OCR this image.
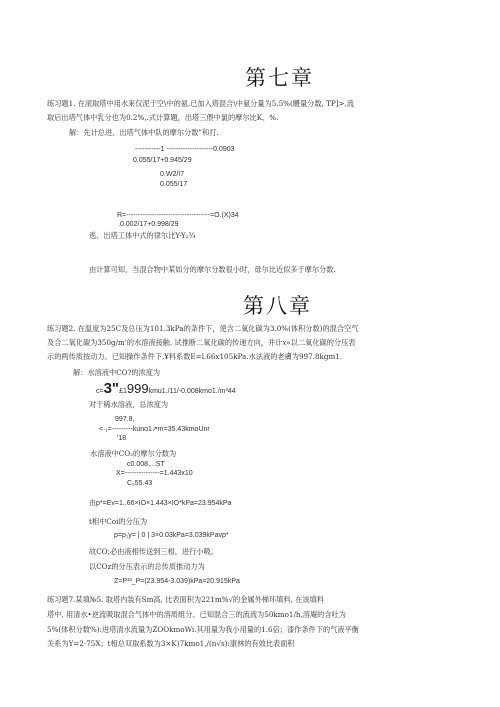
第七章
练习题1. 在滚取塔中用水來仅泥于空\中的氨.已加入塔混合\中氨分量为5.5%(體量分数, TP]>,流
取后出塔气体中乳分也为0.2%,.式计算題，出塔三偎中氯的摩尔比K、%.
解：先计总进、出塔气体中队的摩尔分数”和打.
-----------1 --------------------0.0903
0.055/17+0.945/29
0.W2/I7
0.055/17
R=------------------------------------=O.(X)34
.0.002/17+0.998/29
逃、出塔工体中式的律尔比Y-Y₂¾
由计算可知，当混合物中某如分的摩尔分数很小时，毋尔比近似多于摩尔分数.
第八章
练习题2. 在温度为25C及总压为101.3kPa的条件下，使含二氧化碳为3.0%(体积分数)的混合空气
及合二氧化碳为350g/m'的水溶液接触. 试推断二氧化碳的传递方向，并计𝑥«以二氧化碳的分压表
示的两传质按动力。已知操作条件下,¥料系数E=l.66x105kPa.水法液的老膚为997.8kgm1.
解：水溶液中CO?的浓度为
c=3"£1999kmu1./11/-0.008kmo1./m³44
对于稀水溶液，总浓度为
997.8,
<·₁=---------kuno1↗m=35.43kmoUnr
'18
水溶液中CO₂的摩尔分数为
c0.008,...ST
X=---------------=1.443x10
C₂55.43
由p*=Ev=1..66×IO×1.443×IO*kPa=23.954kPa
t相中Coi的分压为
p=p₁y= | 0 | 3×0.03kPa=3.039kPavp*
故CO;必由液相传送到三相，进行小吸。
以COz的分压表示的总传质推动力为
Z=P³³_P=(23.954-3.039)kPa=20.915kPa
练习题7.某填№5. 取塔内装有Sm高, 比表面积为221m%√的金属外梯环填料, 在该填料
塔中, 用清水•逆流吸取混合气体中的溶质组分。已知混合三的流流为50kmo1/h,溶庵的含吐为
5%(体积分数%):进塔清水流量为ZOOkmoWi.其用量为我小用量的1.6倍；漆作条件下的气液平衡
关系为Y=2·75X；t相总双取系数为3×K)7kmo1,/(n√s):康林的有效比表面积
